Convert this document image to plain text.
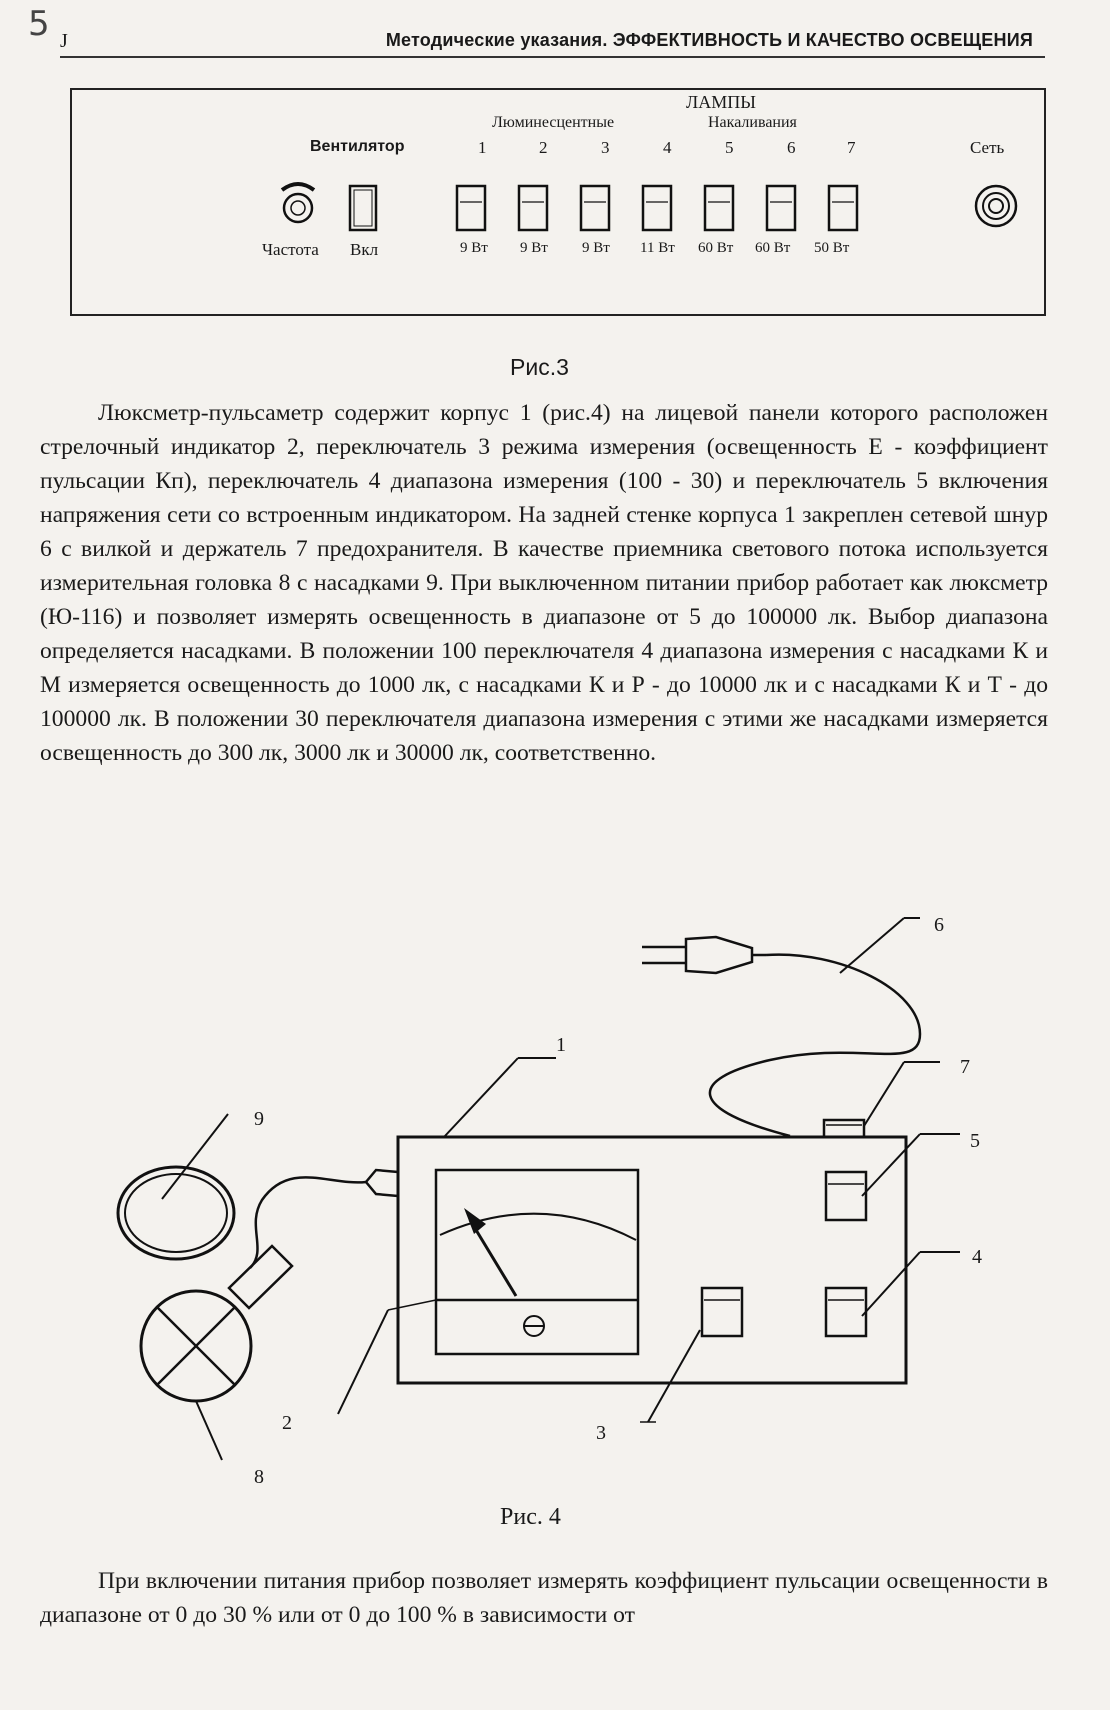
5 J	Методические указания. ЭФФЕКТИВНОСТЬ И КАЧЕСТВО ОСВЕЩЕНИЯ
ЛАМПЫ
Люминесцентные	Накаливания
Вентилятор	Сеть
1	2	3	4	5	6	7
Частота Вкл	9 Вт 9 Вт 9 Вт 11 Вт 60 Вт 60 Вт 50 Вт
Рис.3

Люксметр-пульсаметр содержит корпус 1 (рис.4) на лицевой панели которого расположен стрелочный индикатор 2, переключатель 3 режима измерения (освещенность Е - коэффициент пульсации Кп), переключатель 4 диапазона измерения (100 - 30) и переключатель 5 включения напряжения сети со встроенным индикатором. На задней стенке корпуса 1 закреплен сетевой шнур 6 с вилкой и держатель 7 предохранителя. В качестве приемника светового потока используется измерительная головка 8 с насадками 9. При выключенном питании прибор работает как люксметр (Ю-116) и позволяет измерять освещенность в диапазоне от 5 до 100000 лк. Выбор диапазона определяется насадками. В положении 100 переключателя 4 диапазона измерения с насадками К и М измеряется освещенность до 1000 лк, с насадками К и Р - до 10000 лк и с насадками К и Т - до 100000 лк. В положении 30 переключателя диапазона измерения с этими же насадками измеряется освещенность до 300 лк, 3000 лк и 30000 лк, соответственно.

1
2	3
4
5
6
7
8
9
Рис. 4

При включении питания прибор позволяет измерять коэффициент пульсации освещенности в диапазоне от 0 до 30 % или от 0 до 100 % в зависимости от
